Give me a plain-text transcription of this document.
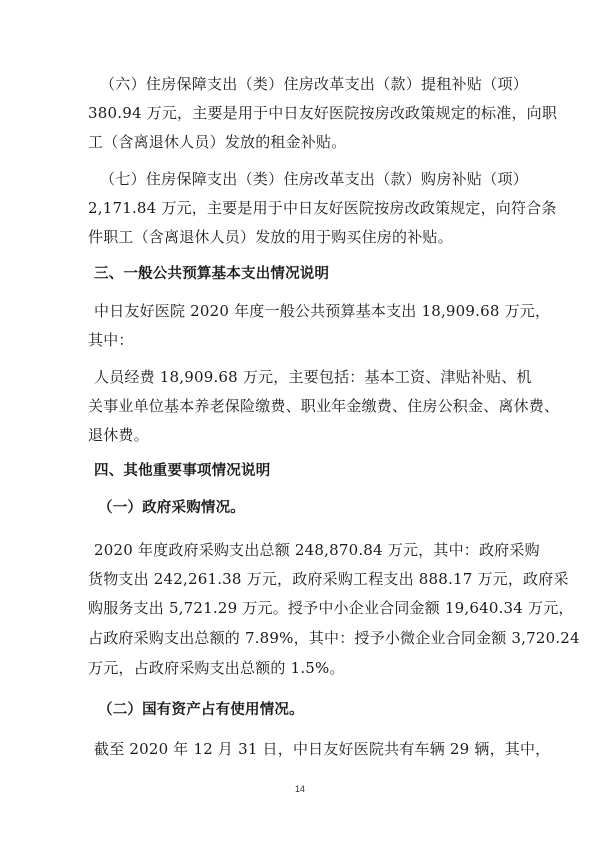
（六）住房保障支出（类）住房改革支出（款）提租补贴（项）
380.94 万元，主要是用于中日友好医院按房改政策规定的标准，向职
工（含离退休人员）发放的租金补贴。
（七）住房保障支出（类）住房改革支出（款）购房补贴（项）
2,171.84 万元，主要是用于中日友好医院按房改政策规定，向符合条
件职工（含离退休人员）发放的用于购买住房的补贴。
三、一般公共预算基本支出情况说明
中日友好医院 2020 年度一般公共预算基本支出 18,909.68 万元，
其中：
人员经费 18,909.68 万元，主要包括：基本工资、津贴补贴、机
关事业单位基本养老保险缴费、职业年金缴费、住房公积金、离休费、
退休费。
四、其他重要事项情况说明
（一）政府采购情况。
2020 年度政府采购支出总额 248,870.84 万元，其中：政府采购
货物支出 242,261.38 万元，政府采购工程支出 888.17 万元，政府采
购服务支出 5,721.29 万元。授予中小企业合同金额 19,640.34 万元，
占政府采购支出总额的 7.89%，其中：授予小微企业合同金额 3,720.24
万元，占政府采购支出总额的 1.5%。
（二）国有资产占有使用情况。
截至 2020 年 12 月 31 日，中日友好医院共有车辆 29 辆，其中，
14
